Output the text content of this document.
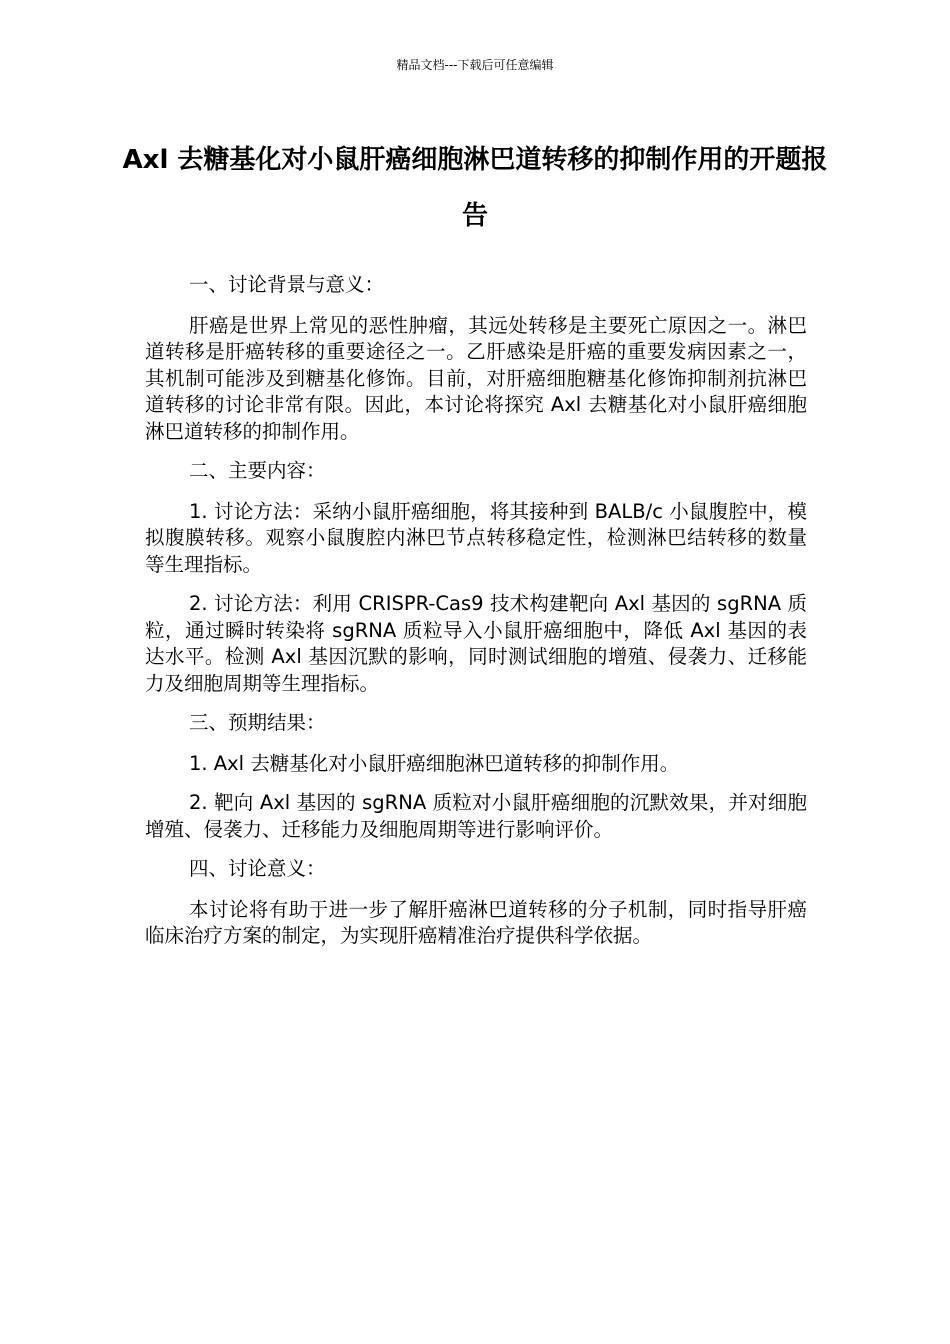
精品文档---下载后可任意编辑
Axl 去糖基化对小鼠肝癌细胞淋巴道转移的抑制作用的开题报告

一、讨论背景与意义：

肝癌是世界上常见的恶性肿瘤，其远处转移是主要死亡原因之一。淋巴道转移是肝癌转移的重要途径之一。乙肝感染是肝癌的重要发病因素之一，其机制可能涉及到糖基化修饰。目前，对肝癌细胞糖基化修饰抑制剂抗淋巴道转移的讨论非常有限。因此，本讨论将探究 Axl 去糖基化对小鼠肝癌细胞淋巴道转移的抑制作用。

二、主要内容：

1. 讨论方法：采纳小鼠肝癌细胞，将其接种到 BALB/c 小鼠腹腔中，模拟腹膜转移。观察小鼠腹腔内淋巴节点转移稳定性，检测淋巴结转移的数量等生理指标。

2. 讨论方法：利用 CRISPR-Cas9 技术构建靶向 Axl 基因的 sgRNA 质粒，通过瞬时转染将 sgRNA 质粒导入小鼠肝癌细胞中，降低 Axl 基因的表达水平。检测 Axl 基因沉默的影响，同时测试细胞的增殖、侵袭力、迁移能力及细胞周期等生理指标。

三、预期结果：

1. Axl 去糖基化对小鼠肝癌细胞淋巴道转移的抑制作用。

2. 靶向 Axl 基因的 sgRNA 质粒对小鼠肝癌细胞的沉默效果，并对细胞增殖、侵袭力、迁移能力及细胞周期等进行影响评价。

四、讨论意义：

本讨论将有助于进一步了解肝癌淋巴道转移的分子机制，同时指导肝癌临床治疗方案的制定，为实现肝癌精准治疗提供科学依据。
